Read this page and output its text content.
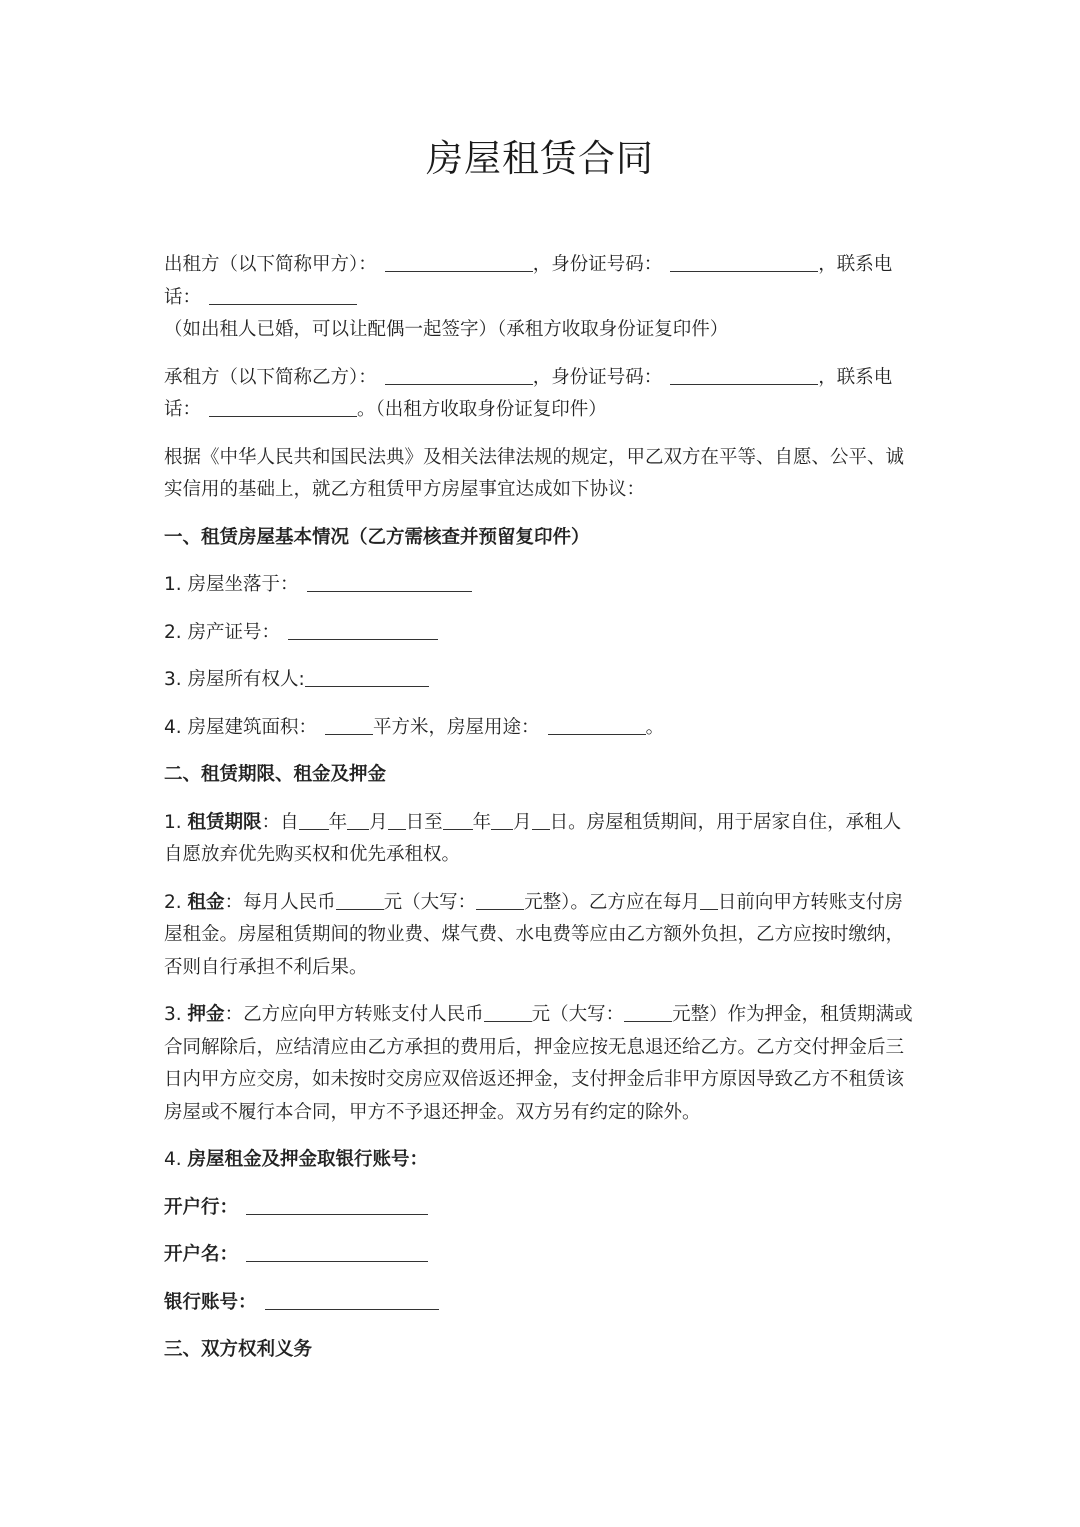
房屋租赁合同

出租方（以下简称甲方）：	，身份证号码：	，联系电话：（如出租人已婚，可以让配偶一起签字）（承租方收取身份证复印件）

承租方（以下简称乙方）：	，身份证号码：	，联系电话：	。（出租方收取身份证复印件）

根据《中华人民共和国民法典》及相关法律法规的规定，甲乙双方在平等、自愿、公平、诚实信用的基础上，就乙方租赁甲方房屋事宜达成如下协议：

一、租赁房屋基本情况（乙方需核查并预留复印件）

1. 房屋坐落于：

2. 房产证号：

3. 房屋所有权人:

4. 房屋建筑面积：	平方米，房屋用途：	。

二、租赁期限、租金及押金

1. 租赁期限：自 年 月 日至 年 月 日。房屋租赁期间，用于居家自住，承租人自愿放弃优先购买权和优先承租权。

2. 租金：每月人民币	元（大写：	元整）。乙方应在每月 日前向甲方转账支付房屋租金。房屋租赁期间的物业费、煤气费、水电费等应由乙方额外负担，乙方应按时缴纳，否则自行承担不利后果。

3. 押金：乙方应向甲方转账支付人民币	元（大写：	元整）作为押金，租赁期满或合同解除后，应结清应由乙方承担的费用后，押金应按无息退还给乙方。乙方交付押金后三日内甲方应交房，如未按时交房应双倍返还押金，支付押金后非甲方原因导致乙方不租赁该房屋或不履行本合同，甲方不予退还押金。双方另有约定的除外。

4. 房屋租金及押金取银行账号：

开户行：

开户名：

银行账号：

三、双方权利义务
